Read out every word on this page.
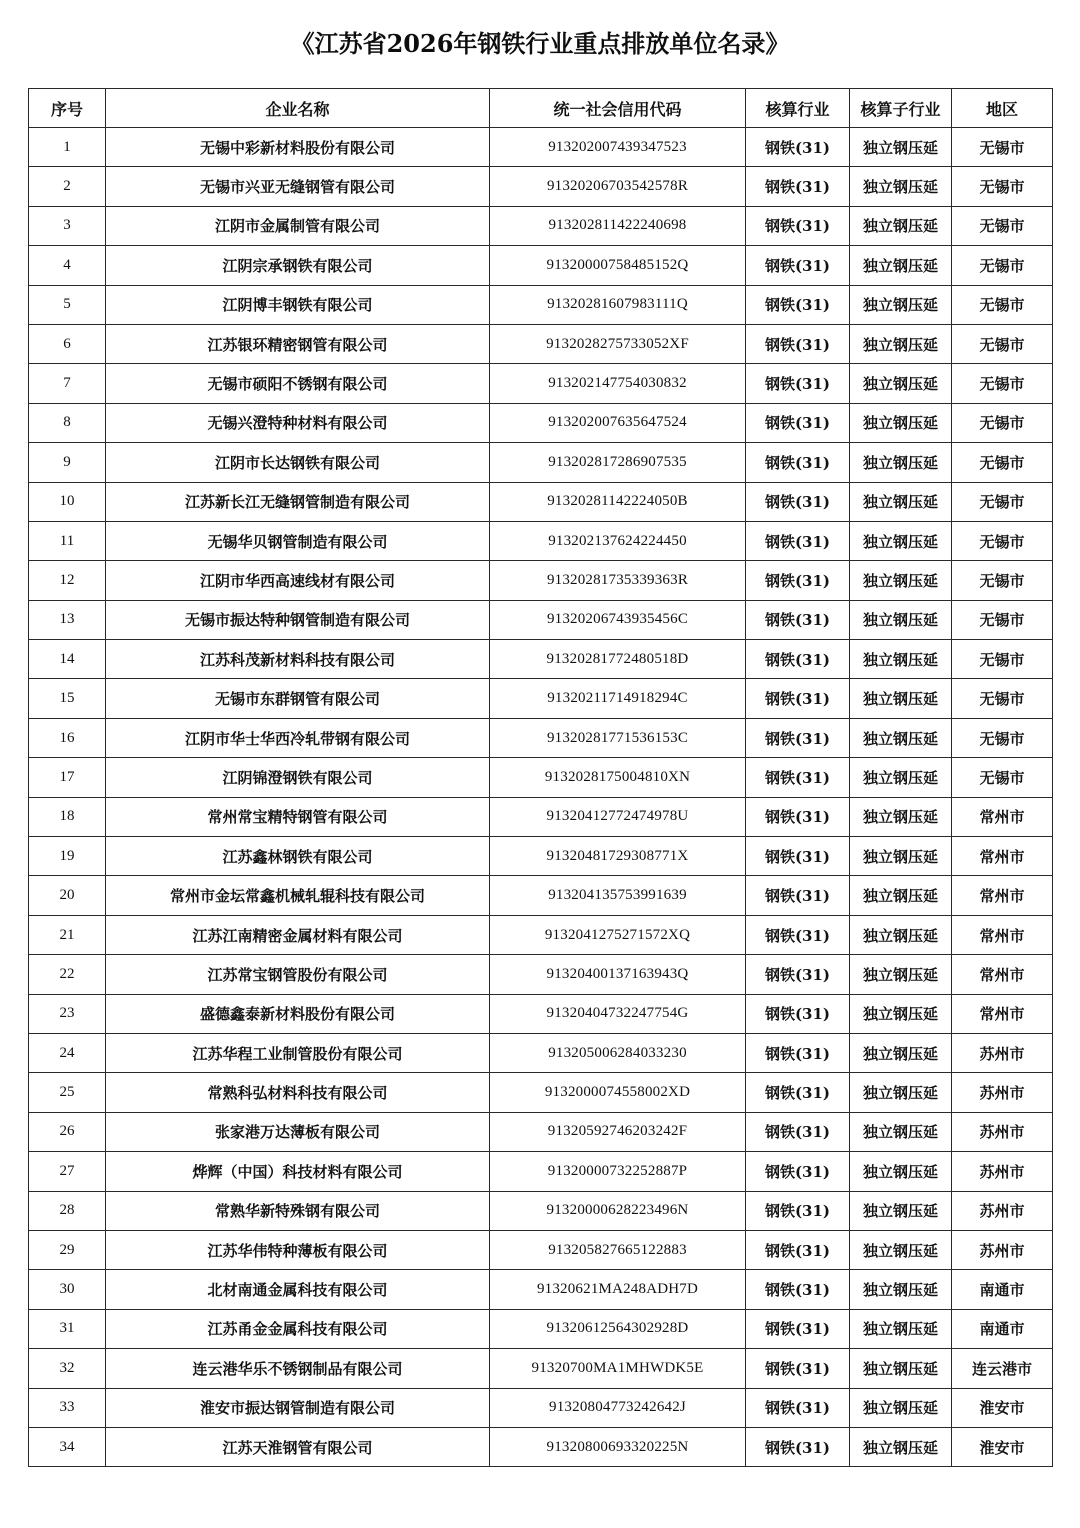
《江苏省2026年钢铁行业重点排放单位名录》
序号	企业名称	统一社会信用代码	核算行业	核算子行业	地区
1	无锡中彩新材料股份有限公司	913202007439347523	钢铁(31)	独立钢压延	无锡市
2	无锡市兴亚无缝钢管有限公司	91320206703542578R	钢铁(31)	独立钢压延	无锡市
3	江阴市金属制管有限公司	913202811422240698	钢铁(31)	独立钢压延	无锡市
4	江阴宗承钢铁有限公司	91320000758485152Q	钢铁(31)	独立钢压延	无锡市
5	江阴博丰钢铁有限公司	91320281607983111Q	钢铁(31)	独立钢压延	无锡市
6	江苏银环精密钢管有限公司	9132028275733052XF	钢铁(31)	独立钢压延	无锡市
7	无锡市硕阳不锈钢有限公司	913202147754030832	钢铁(31)	独立钢压延	无锡市
8	无锡兴澄特种材料有限公司	913202007635647524	钢铁(31)	独立钢压延	无锡市
9	江阴市长达钢铁有限公司	913202817286907535	钢铁(31)	独立钢压延	无锡市
10	江苏新长江无缝钢管制造有限公司	91320281142224050B	钢铁(31)	独立钢压延	无锡市
11	无锡华贝钢管制造有限公司	913202137624224450	钢铁(31)	独立钢压延	无锡市
12	江阴市华西高速线材有限公司	91320281735339363R	钢铁(31)	独立钢压延	无锡市
13	无锡市振达特种钢管制造有限公司	91320206743935456C	钢铁(31)	独立钢压延	无锡市
14	江苏科茂新材料科技有限公司	91320281772480518D	钢铁(31)	独立钢压延	无锡市
15	无锡市东群钢管有限公司	91320211714918294C	钢铁(31)	独立钢压延	无锡市
16	江阴市华士华西冷轧带钢有限公司	91320281771536153C	钢铁(31)	独立钢压延	无锡市
17	江阴锦澄钢铁有限公司	9132028175004810XN	钢铁(31)	独立钢压延	无锡市
18	常州常宝精特钢管有限公司	91320412772474978U	钢铁(31)	独立钢压延	常州市
19	江苏鑫林钢铁有限公司	91320481729308771X	钢铁(31)	独立钢压延	常州市
20	常州市金坛常鑫机械轧辊科技有限公司	913204135753991639	钢铁(31)	独立钢压延	常州市
21	江苏江南精密金属材料有限公司	9132041275271572XQ	钢铁(31)	独立钢压延	常州市
22	江苏常宝钢管股份有限公司	91320400137163943Q	钢铁(31)	独立钢压延	常州市
23	盛德鑫泰新材料股份有限公司	91320404732247754G	钢铁(31)	独立钢压延	常州市
24	江苏华程工业制管股份有限公司	913205006284033230	钢铁(31)	独立钢压延	苏州市
25	常熟科弘材料科技有限公司	9132000074558002XD	钢铁(31)	独立钢压延	苏州市
26	张家港万达薄板有限公司	91320592746203242F	钢铁(31)	独立钢压延	苏州市
27	烨辉（中国）科技材料有限公司	91320000732252887P	钢铁(31)	独立钢压延	苏州市
28	常熟华新特殊钢有限公司	91320000628223496N	钢铁(31)	独立钢压延	苏州市
29	江苏华伟特种薄板有限公司	913205827665122883	钢铁(31)	独立钢压延	苏州市
30	北材南通金属科技有限公司	91320621MA248ADH7D	钢铁(31)	独立钢压延	南通市
31	江苏甬金金属科技有限公司	91320612564302928D	钢铁(31)	独立钢压延	南通市
32	连云港华乐不锈钢制品有限公司	91320700MA1MHWDK5E	钢铁(31)	独立钢压延	连云港市
33	淮安市振达钢管制造有限公司	91320804773242642J	钢铁(31)	独立钢压延	淮安市
34	江苏天淮钢管有限公司	91320800693320225N	钢铁(31)	独立钢压延	淮安市
